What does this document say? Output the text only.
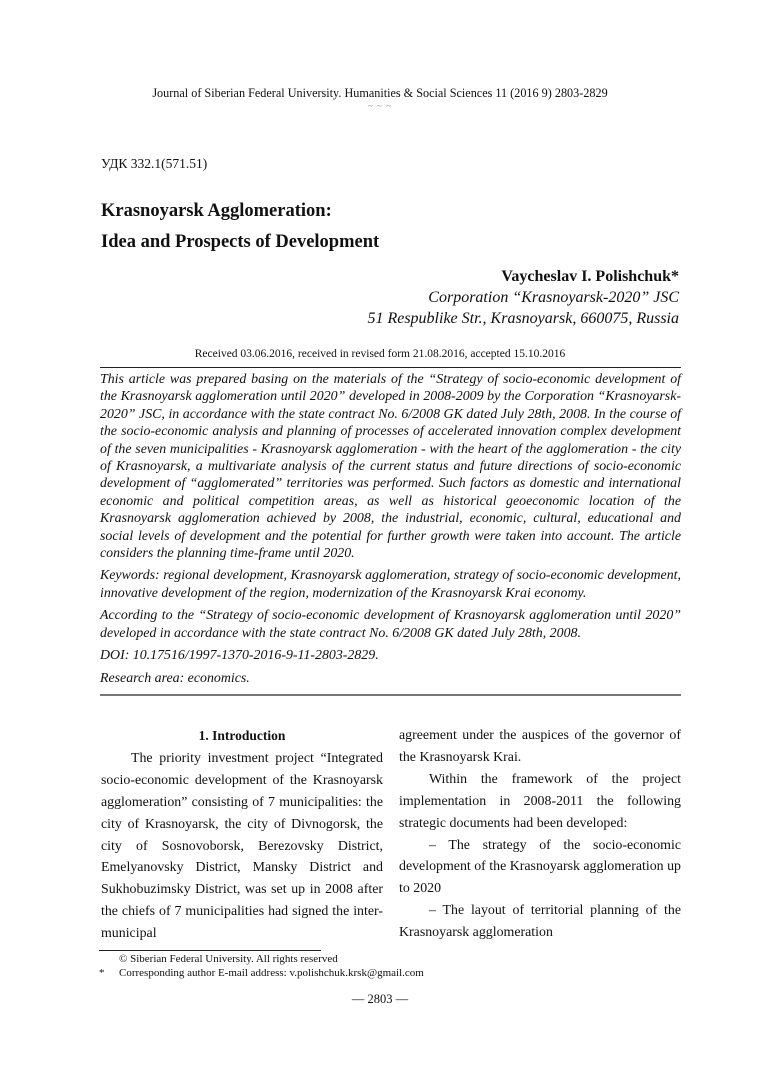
Journal of Siberian Federal University. Humanities & Social Sciences 11 (2016 9) 2803-2829
~ ~ ~
УДК 332.1(571.51)
Krasnoyarsk Agglomeration:
Idea and Prospects of Development
Vaycheslav I. Polishchuk*
Corporation “Krasnoyarsk-2020” JSC
51 Respublike Str., Krasnoyarsk, 660075, Russia
Received 03.06.2016, received in revised form 21.08.2016, accepted 15.10.2016

This article was prepared basing on the materials of the “Strategy of socio-economic development of the Krasnoyarsk agglomeration until 2020” developed in 2008-2009 by the Corporation “Krasnoyarsk-2020” JSC, in accordance with the state contract No. 6/2008 GK dated July 28th, 2008. In the course of the socio-economic analysis and planning of processes of accelerated innovation complex development of the seven municipalities - Krasnoyarsk agglomeration - with the heart of the agglomeration - the city of Krasnoyarsk, a multivariate analysis of the current status and future directions of socio-economic development of “agglomerated” territories was performed. Such factors as domestic and international economic and political competition areas, as well as historical geoeconomic location of the Krasnoyarsk agglomeration achieved by 2008, the industrial, economic, cultural, educational and social levels of development and the potential for further growth were taken into account. The article considers the planning time-frame until 2020.

Keywords: regional development, Krasnoyarsk agglomeration, strategy of socio-economic development, innovative development of the region, modernization of the Krasnoyarsk Krai economy.

According to the “Strategy of socio-economic development of Krasnoyarsk agglomeration until 2020” developed in accordance with the state contract No. 6/2008 GK dated July 28th, 2008.

DOI: 10.17516/1997-1370-2016-9-11-2803-2829.

Research area: economics.

1. Introduction

The priority investment project “Integrated socio-economic development of the Krasnoyarsk agglomeration” consisting of 7 municipalities: the city of Krasnoyarsk, the city of Divnogorsk, the city of Sosnovoborsk, Berezovsky District, Emelyanovsky District, Mansky District and Sukhobuzimsky District, was set up in 2008 after the chiefs of 7 municipalities had signed the inter-municipal

agreement under the auspices of the governor of the Krasnoyarsk Krai.

Within the framework of the project implementation in 2008-2011 the following strategic documents had been developed:

– The strategy of the socio-economic development of the Krasnoyarsk agglomeration up to 2020

– The layout of territorial planning of the Krasnoyarsk agglomeration

© Siberian Federal University. All rights reserved
*	Corresponding author E-mail address: v.polishchuk.krsk@gmail.com
— 2803 —
